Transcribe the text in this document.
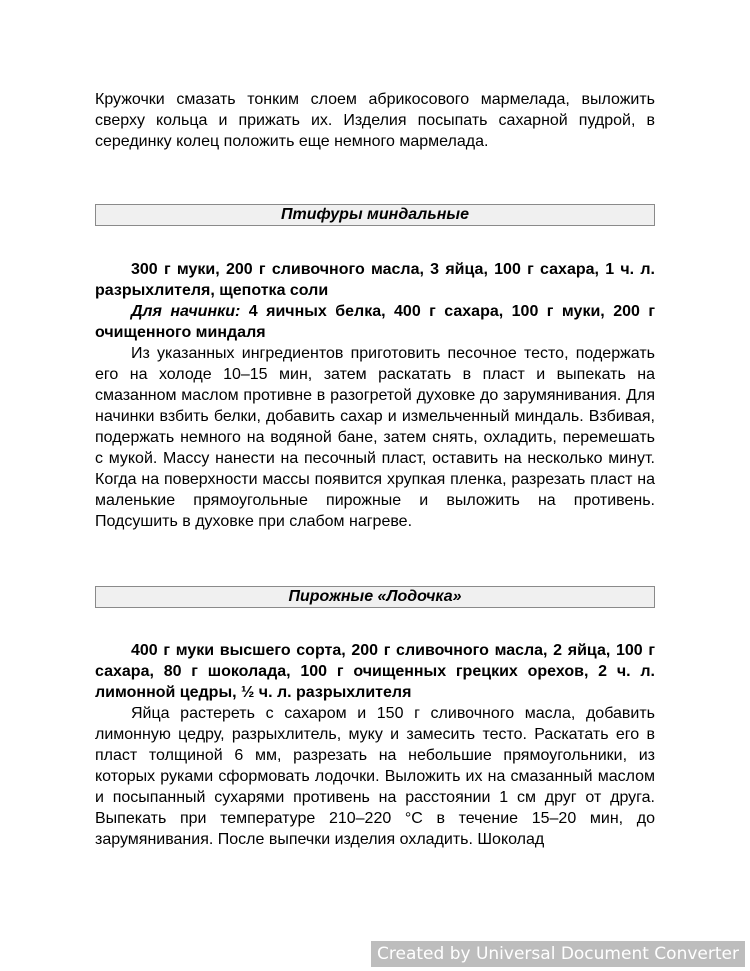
Кружочки смазать тонким слоем абрикосового мармелада, выложить сверху кольца и прижать их. Изделия посыпать сахарной пудрой, в серединку колец положить еще немного мармелада.

Птифуры миндальные

300 г муки, 200 г сливочного масла, 3 яйца, 100 г сахара, 1 ч. л. разрыхлителя, щепотка соли

Для начинки: 4 яичных белка, 400 г сахара, 100 г муки, 200 г очищенного миндаля

Из указанных ингредиентов приготовить песочное тесто, подержать его на холоде 10–15 мин, затем раскатать в пласт и выпекать на смазанном маслом противне в разогретой духовке до зарумянивания. Для начинки взбить белки, добавить сахар и измельченный миндаль. Взбивая, подержать немного на водяной бане, затем снять, охладить, перемешать с мукой. Массу нанести на песочный пласт, оставить на несколько минут. Когда на поверхности массы появится хрупкая пленка, разрезать пласт на маленькие прямоугольные пирожные и выложить на противень. Подсушить в духовке при слабом нагреве.

Пирожные «Лодочка»

400 г муки высшего сорта, 200 г сливочного масла, 2 яйца, 100 г сахара, 80 г шоколада, 100 г очищенных грецких орехов, 2 ч. л. лимонной цедры, ½ ч. л. разрыхлителя

Яйца растереть с сахаром и 150 г сливочного масла, добавить лимонную цедру, разрыхлитель, муку и замесить тесто. Раскатать его в пласт толщиной 6 мм, разрезать на небольшие прямоугольники, из которых руками сформовать лодочки. Выложить их на смазанный маслом и посыпанный сухарями противень на расстоянии 1 см друг от друга. Выпекать при температуре 210–220 °С в течение 15–20 мин, до зарумянивания. После выпечки изделия охладить. Шоколад

Created by Universal Document Converter
